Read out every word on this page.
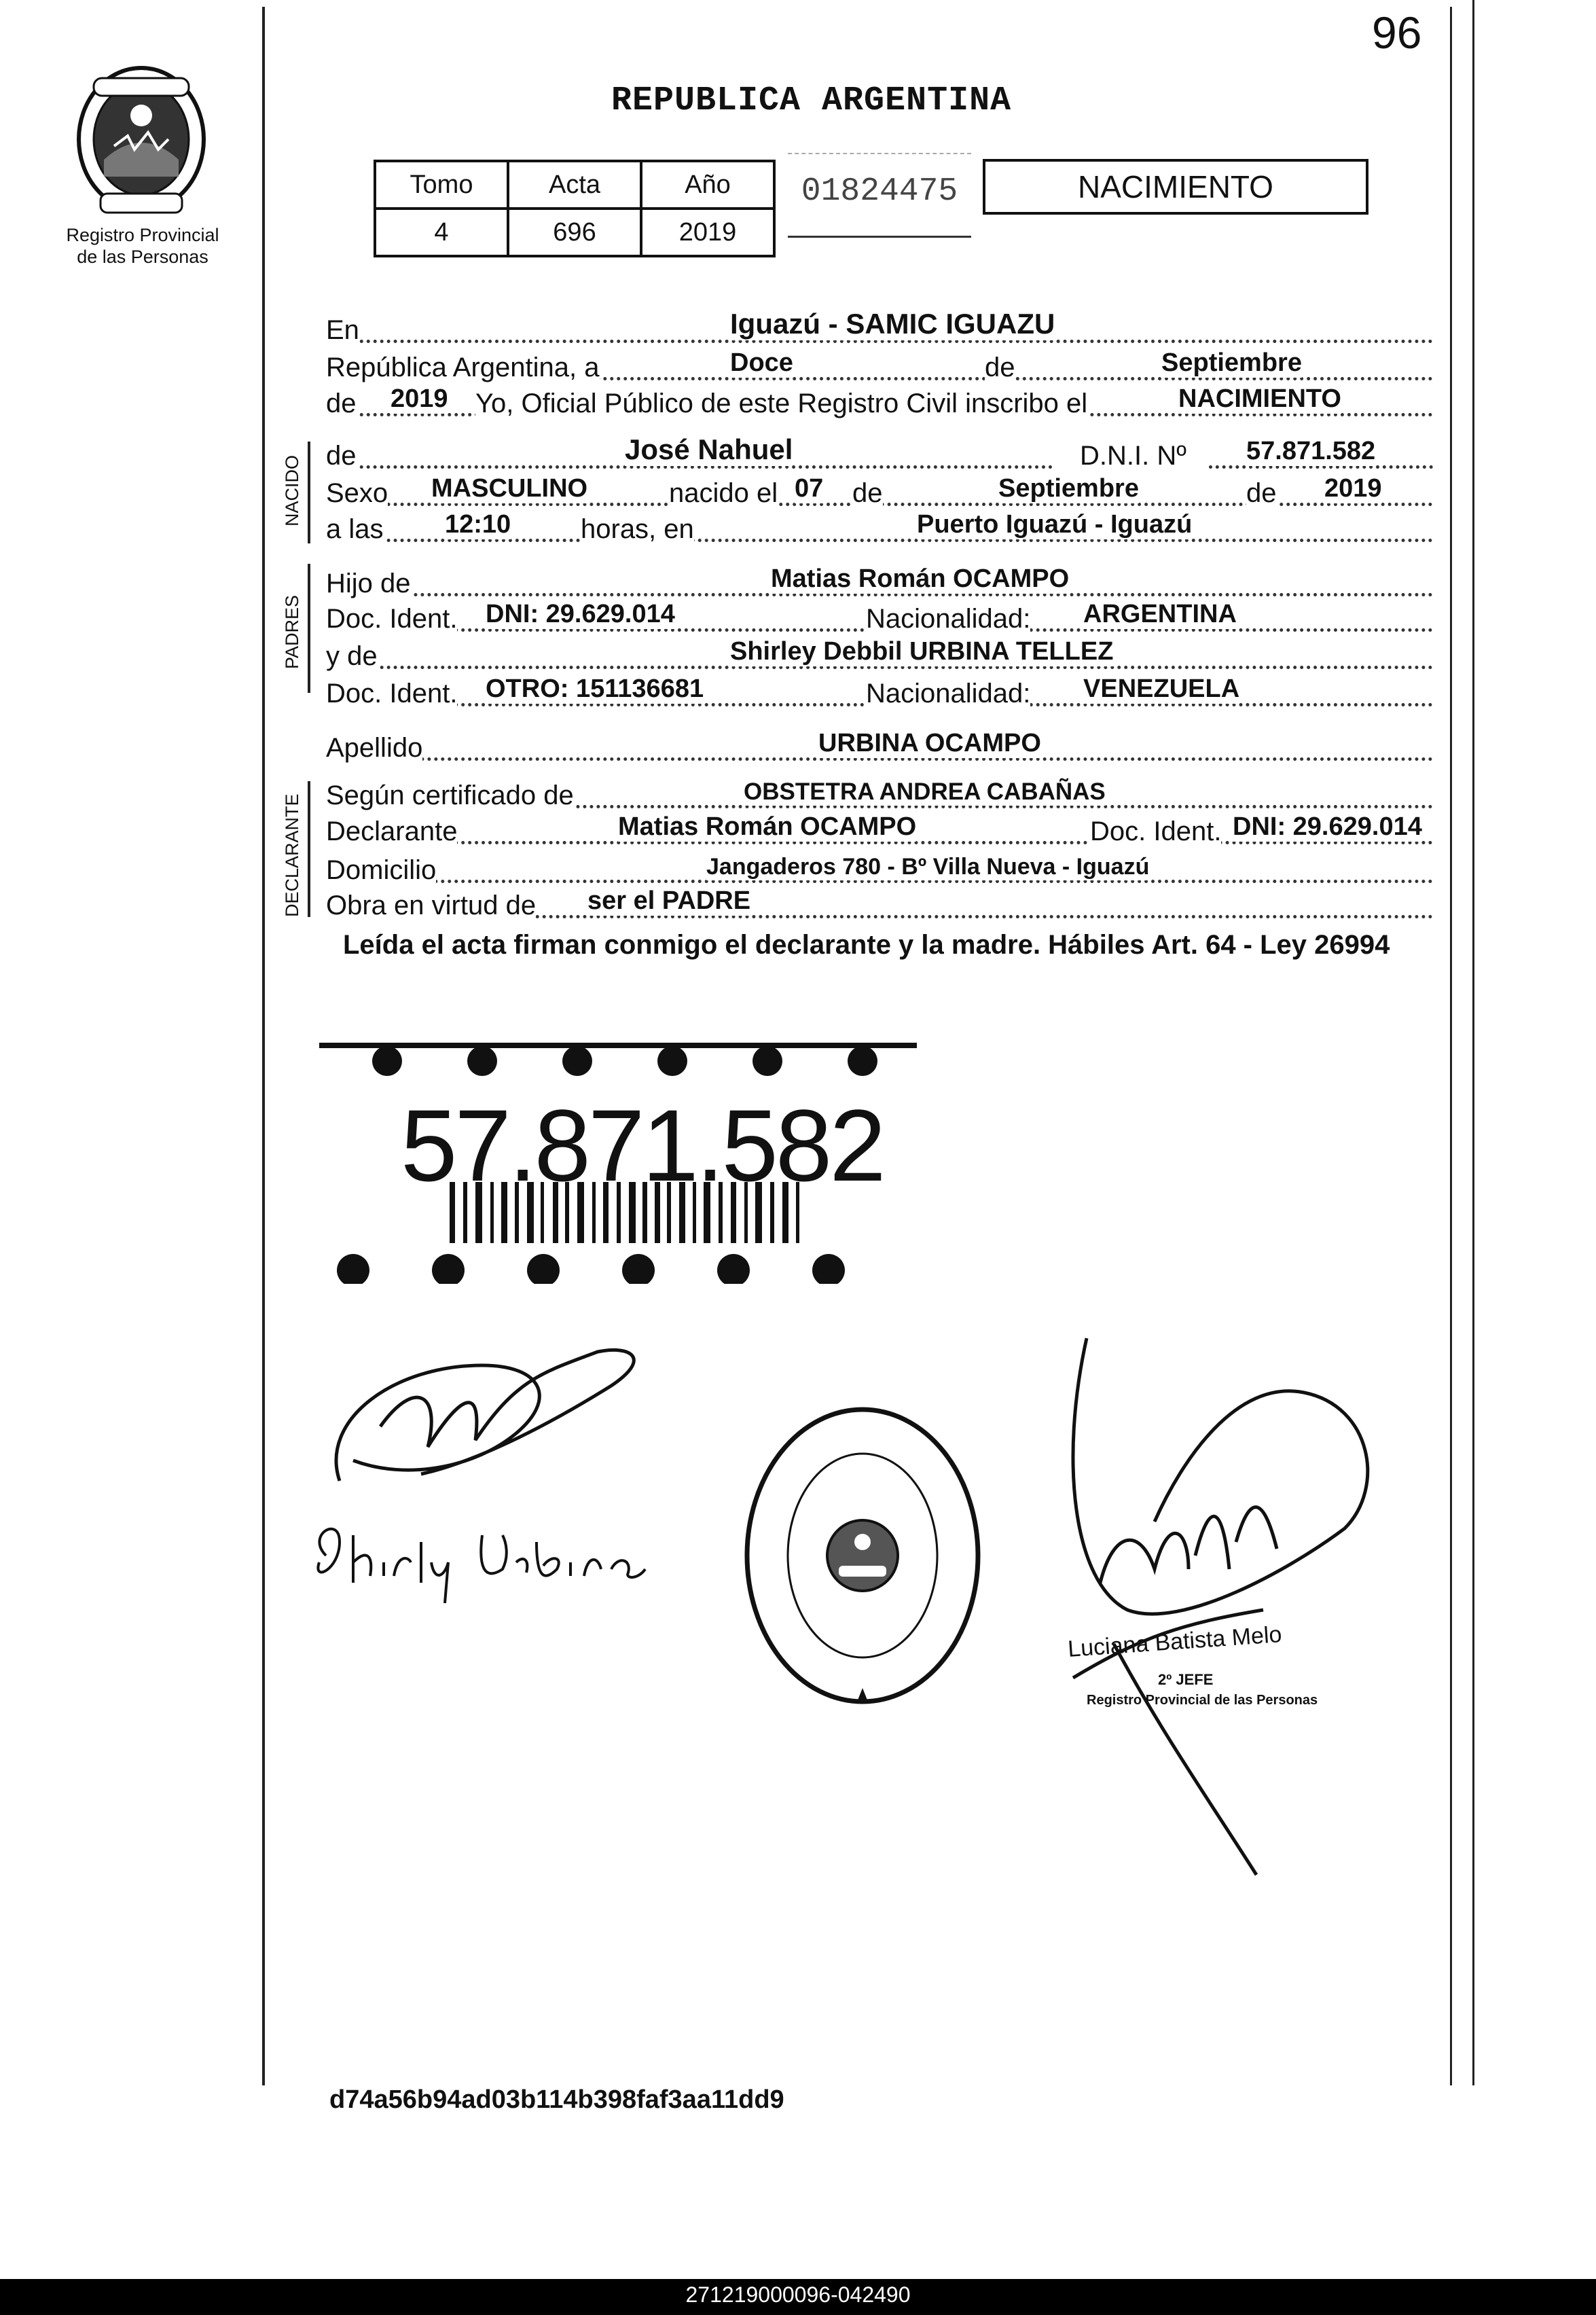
96
Registro Provincial
de las Personas
REPUBLICA ARGENTINA
Tomo	Acta	Año
4	696	2019
01824475	NACIMIENTO
NACIDO
PADRES
DECLARANTE
En	Iguazú - SAMIC IGUAZU
República Argentina, a	Doce	de	Septiembre
de 2019 Yo, Oficial Público de este Registro Civil inscribo el	NACIMIENTO
de	José Nahuel	D.N.I. Nº 57.871.582
Sexo MASCULINO	nacido el 07 de	Septiembre	de 2019
a las 12:10	horas, en	Puerto Iguazú - Iguazú
Hijo de	Matias Román OCAMPO
Doc. Ident. DNI: 29.629.014	Nacionalidad: ARGENTINA
y de	Shirley Debbil URBINA TELLEZ
Doc. Ident. OTRO: 151136681	Nacionalidad: VENEZUELA
Apellido	URBINA OCAMPO
Según certificado de	OBSTETRA ANDREA CABAÑAS
Declarante	Matias Román OCAMPO	Doc. Ident. DNI: 29.629.014
Domicilio	Jangaderos 780 - Bº Villa Nueva - Iguazú
Obra en virtud de ser el PADRE
Leída el acta firman conmigo el declarante y la madre. Hábiles Art. 64 - Ley 26994
57.871.582
Luciana Batista Melo
2º JEFE
Registro Provincial de las Personas
d74a56b94ad03b114b398faf3aa11dd9
271219000096-042490
